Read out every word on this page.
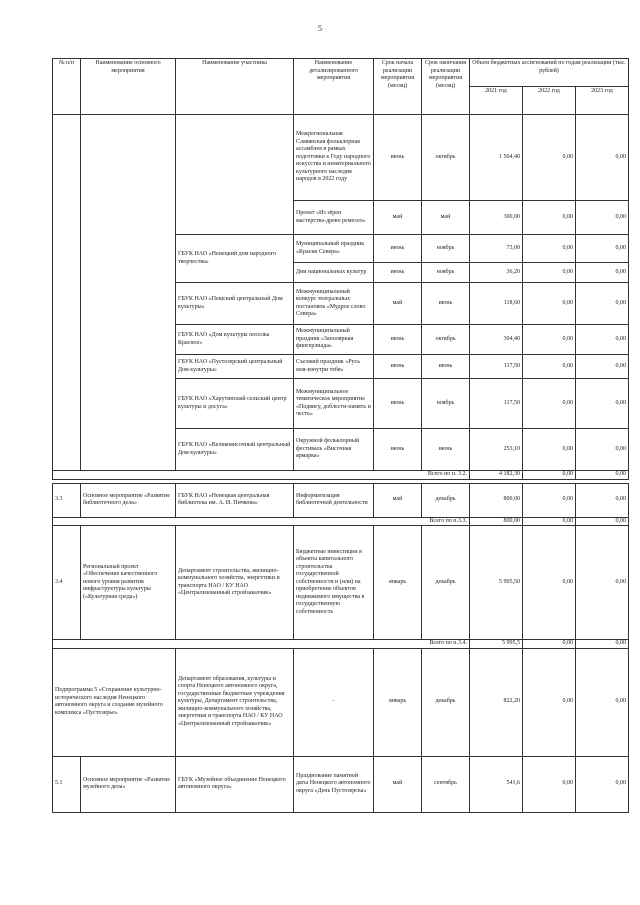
5
№ п/п	Наименование основного мероприятия	Наименование участника	Наименование детализированного мероприятия	Срок начала реализации мероприятия (месяц)	Срок окончания реализации мероприятия (месяц)	Объем бюджетных ассигнований по годам реализации (тыс. рублей)		
						2021 год	2022 год	2023 год
			Межрегиональная Славянская фольклорная ассамблея в рамках подготовки к Году народного искусства и нематериального культурного наследия народов в 2022 году	июнь	октябрь	1 564,40	0,00	0,00
			Проект «Из зёрен мастерства-древо ремесел»	май	май	300,00	0,00	0,00
		ГБУК НАО «Ненецкий дом народного творчества»	Муниципальный праздник «Краски Севера»	июнь	ноябрь	73,00	0,00	0,00
			Дни национальных культур	июнь	ноябрь	36,20	0,00	0,00
		ГБУК НАО «Пешский центральный Дом культуры»	Межмуниципальный конкурс театральных постановок «Мудрое слово Севера»	май	июнь	118,60	0,00	0,00
		ГБУК НАО «Дом культуры поселка Красное»	Межмуниципальный праздник «Заполярная фингерлиада»	июнь	октябрь	304,40	0,00	0,00
		ГБУК НАО «Пустозерский центральный Дом культуры»	Съезжий праздник «Русь моя-изнутри тебя»	июнь	июнь	117,50	0,00	0,00
		ГБУК НАО «Харутинский сельский центр культуры и досуга»	Межмуниципальное тематическое мероприятие «Подвигу, доблести-память и честь»	июнь	ноябрь	117,50	0,00	0,00
		ГБУК НАО «Великовисочный центральный Дом культуры»	Окружной фольклорный фестиваль «Височная ярмарка»	июнь	июнь	253,10	0,00	0,00
Всего по п. 3.2.						4 182,30	0,00	0,00

3.3	Основное мероприятие «Развитие библиотечного дела»	ГБУК НАО «Ненецкая центральная библиотека им. А. И. Пичкова»	Информатизация библиотечной деятельности	май	декабрь	800,00	0,00	0,00
Всего по п.3.3.						800,00	0,00	0,00
3.4	Региональный проект «Обеспечение качественного нового уровня развития инфраструктуры культуры («Культурная среда»)	Департамент строительства, жилищно-коммунального хозяйства, энергетики и транспорта НАО / КУ НАО «Централизованный стройзаказчик»	Бюджетные инвестиции в объекты капитального строительства государственной собственности и (или) на приобретение объектов недвижимого имущества в государственную собственность	январь	декабрь	5 995,50	0,00	0,00
Всего по п.3.4.						5 995,5	0,00	0,00
Подпрограмма 5 «Сохранение культурно-исторического наследия Ненецкого автономного округа и создание музейного комплекса «Пустозерье»		Департамент образования, культуры и спорта Ненецкого автономного округа, государственные бюджетные учреждения культуры, Департамент строительства, жилищно-коммунального хозяйства, энергетики и транспорта НАО / КУ НАО «Централизованный стройзаказчик»	-	январь	декабрь	822,20	0,00	0,00
5.1	Основное мероприятие «Развитие музейного дела»	ГБУК «Музейное объединение Ненецкого автономного округа»	Празднование памятной даты Ненецкого автономного округа «День Пустозерска»	май	сентябрь	541,6	0,00	0,00
